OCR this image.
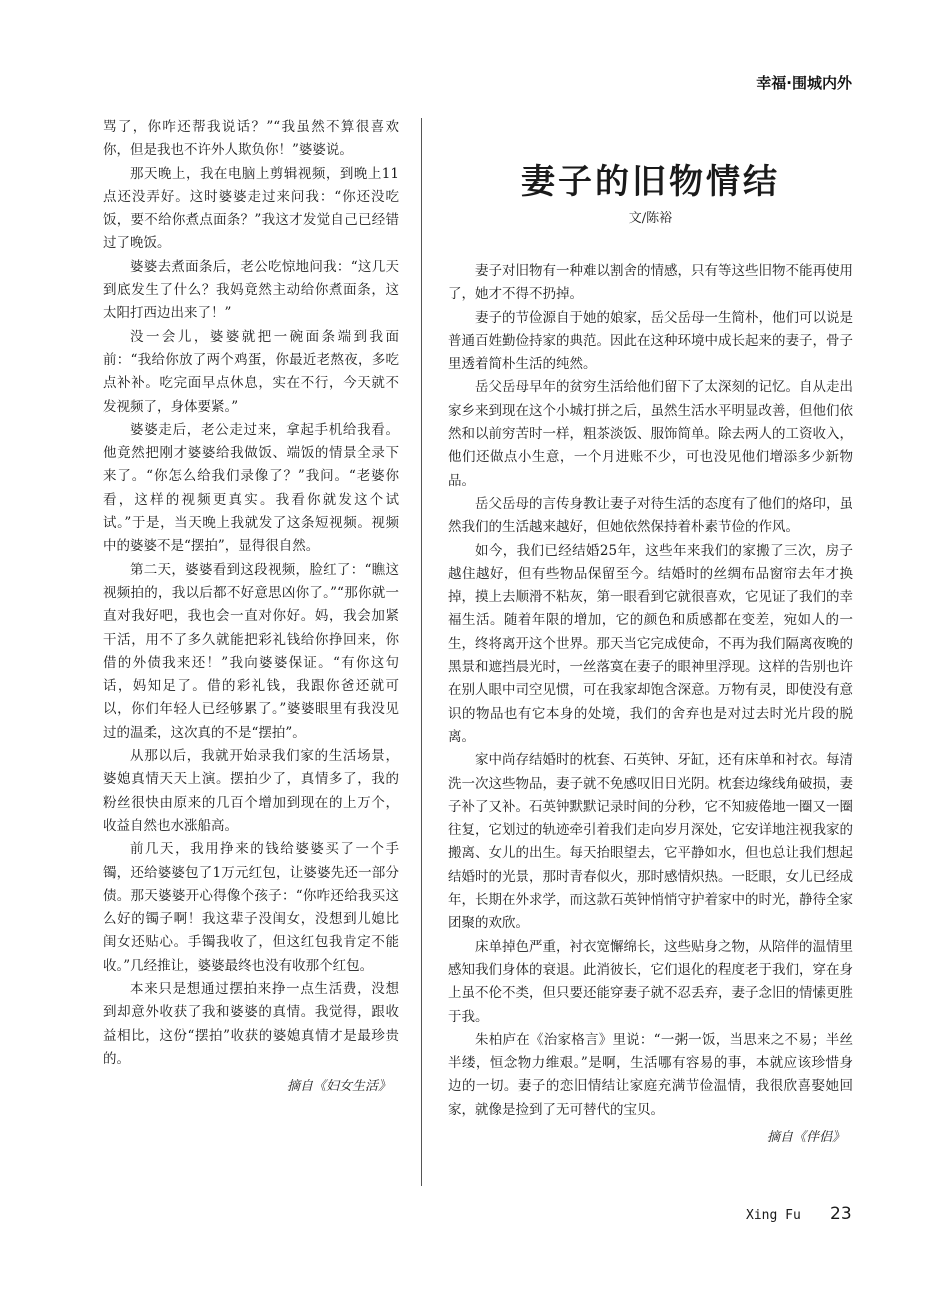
幸福·围城内外

骂了，你咋还帮我说话？”“我虽然不算很喜欢你，但是我也不许外人欺负你！”婆婆说。

那天晚上，我在电脑上剪辑视频，到晚上11点还没弄好。这时婆婆走过来问我：“你还没吃饭，要不给你煮点面条？”我这才发觉自己已经错过了晚饭。

婆婆去煮面条后，老公吃惊地问我：“这几天到底发生了什么？我妈竟然主动给你煮面条，这太阳打西边出来了！”

没一会儿，婆婆就把一碗面条端到我面前：“我给你放了两个鸡蛋，你最近老熬夜，多吃点补补。吃完面早点休息，实在不行，今天就不发视频了，身体要紧。”

婆婆走后，老公走过来，拿起手机给我看。他竟然把刚才婆婆给我做饭、端饭的情景全录下来了。“你怎么给我们录像了？”我问。“老婆你看，这样的视频更真实。我看你就发这个试试。”于是，当天晚上我就发了这条短视频。视频中的婆婆不是“摆拍”，显得很自然。

第二天，婆婆看到这段视频，脸红了：“瞧这视频拍的，我以后都不好意思凶你了。”“那你就一直对我好吧，我也会一直对你好。妈，我会加紧干活，用不了多久就能把彩礼钱给你挣回来，你借的外债我来还！”我向婆婆保证。“有你这句话，妈知足了。借的彩礼钱，我跟你爸还就可以，你们年轻人已经够累了。”婆婆眼里有我没见过的温柔，这次真的不是“摆拍”。

从那以后，我就开始录我们家的生活场景，婆媳真情天天上演。摆拍少了，真情多了，我的粉丝很快由原来的几百个增加到现在的上万个，收益自然也水涨船高。

前几天，我用挣来的钱给婆婆买了一个手镯，还给婆婆包了1万元红包，让婆婆先还一部分债。那天婆婆开心得像个孩子：“你咋还给我买这么好的镯子啊！我这辈子没闺女，没想到儿媳比闺女还贴心。手镯我收了，但这红包我肯定不能收。”几经推让，婆婆最终也没有收那个红包。

本来只是想通过摆拍来挣一点生活费，没想到却意外收获了我和婆婆的真情。我觉得，跟收益相比，这份“摆拍”收获的婆媳真情才是最珍贵的。

摘自《妇女生活》
妻子的旧物情结
文/陈裕

妻子对旧物有一种难以割舍的情感，只有等这些旧物不能再使用了，她才不得不扔掉。

妻子的节俭源自于她的娘家，岳父岳母一生简朴，他们可以说是普通百姓勤俭持家的典范。因此在这种环境中成长起来的妻子，骨子里透着简朴生活的纯然。

岳父岳母早年的贫穷生活给他们留下了太深刻的记忆。自从走出家乡来到现在这个小城打拼之后，虽然生活水平明显改善，但他们依然和以前穷苦时一样，粗茶淡饭、服饰简单。除去两人的工资收入，他们还做点小生意，一个月进账不少，可也没见他们增添多少新物品。

岳父岳母的言传身教让妻子对待生活的态度有了他们的烙印，虽然我们的生活越来越好，但她依然保持着朴素节俭的作风。

如今，我们已经结婚25年，这些年来我们的家搬了三次，房子越住越好，但有些物品保留至今。结婚时的丝绸布品窗帘去年才换掉，摸上去顺滑不粘灰，第一眼看到它就很喜欢，它见证了我们的幸福生活。随着年限的增加，它的颜色和质感都在变差，宛如人的一生，终将离开这个世界。那天当它完成使命，不再为我们隔离夜晚的黑景和遮挡晨光时，一丝落寞在妻子的眼神里浮现。这样的告别也许在别人眼中司空见惯，可在我家却饱含深意。万物有灵，即使没有意识的物品也有它本身的处境，我们的舍弃也是对过去时光片段的脱离。

家中尚存结婚时的枕套、石英钟、牙缸，还有床单和衬衣。每清洗一次这些物品，妻子就不免感叹旧日光阴。枕套边缘线角破损，妻子补了又补。石英钟默默记录时间的分秒，它不知疲倦地一圈又一圈往复，它划过的轨迹牵引着我们走向岁月深处，它安详地注视我家的搬离、女儿的出生。每天抬眼望去，它平静如水，但也总让我们想起结婚时的光景，那时青春似火，那时感情炽热。一眨眼，女儿已经成年，长期在外求学，而这款石英钟悄悄守护着家中的时光，静待全家团聚的欢欣。

床单掉色严重，衬衣宽懈绵长，这些贴身之物，从陪伴的温情里感知我们身体的衰退。此消彼长，它们退化的程度老于我们，穿在身上虽不伦不类，但只要还能穿妻子就不忍丢弃，妻子念旧的情愫更胜于我。

朱柏庐在《治家格言》里说：“一粥一饭，当思来之不易；半丝半缕，恒念物力维艰。”是啊，生活哪有容易的事，本就应该珍惜身边的一切。妻子的恋旧情结让家庭充满节俭温情，我很欣喜娶她回家，就像是捡到了无可替代的宝贝。

摘自《伴侣》
Xing Fu 23
